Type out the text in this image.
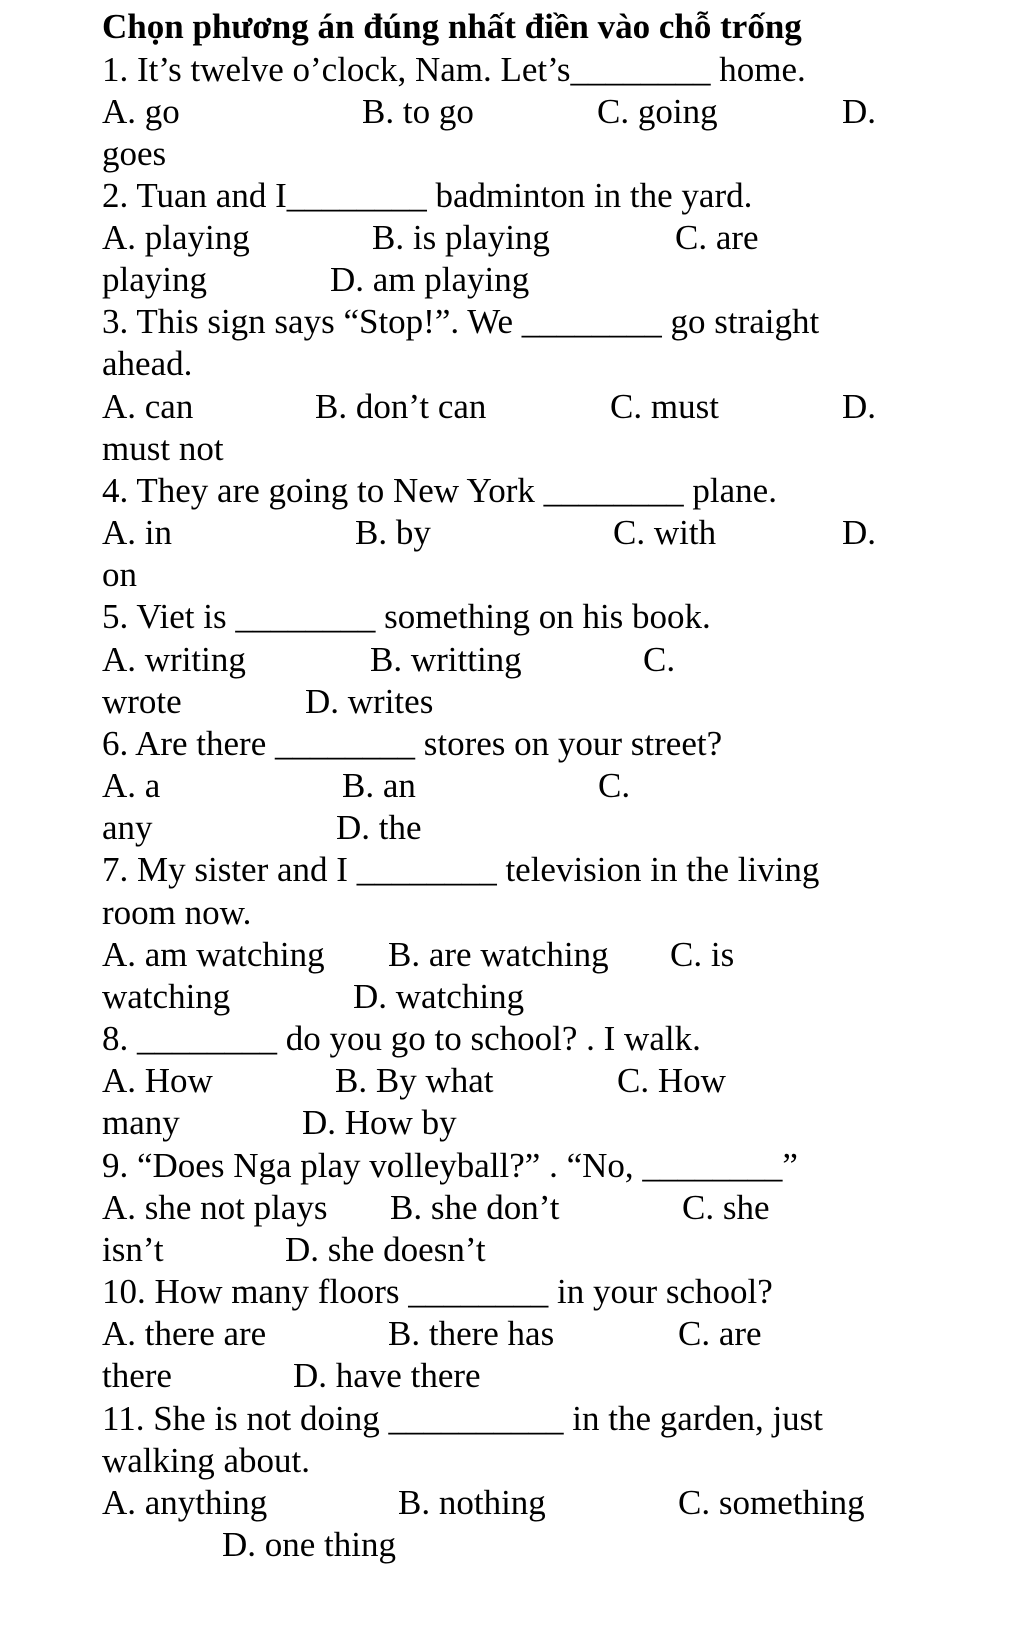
Chọn phương án đúng nhất điền vào chỗ trống
1. It’s twelve o’clock, Nam. Let’s________ home.
A. go	B. to go	C. going	D.
goes
2. Tuan and I________ badminton in the yard.
A. playing	B. is playing	C. are
playing	D. am playing
3. This sign says “Stop!”. We ________ go straight
ahead.
A. can	B. don’t can	C. must	D.
must not
4. They are going to New York ________ plane.
A. in	B. by	C. with	D.
on
5. Viet is ________ something on his book.
A. writing	B. writting	C.
wrote	D. writes
6. Are there ________ stores on your street?
A. a	B. an	C.
any	D. the
7. My sister and I ________ television in the living
room now.
A. am watching B. are watching C. is
watching	D. watching
8. ________ do you go to school? . I walk.
A. How	B. By what	C. How
many	D. How by
9. “Does Nga play volleyball?” . “No, ________”
A. she not plays B. she don’t	C. she
isn’t	D. she doesn’t
10. How many floors ________ in your school?
A. there are	B. there has	C. are
there	D. have there
11. She is not doing __________ in the garden, just
walking about.
A. anything	B. nothing	C. something
D. one thing
